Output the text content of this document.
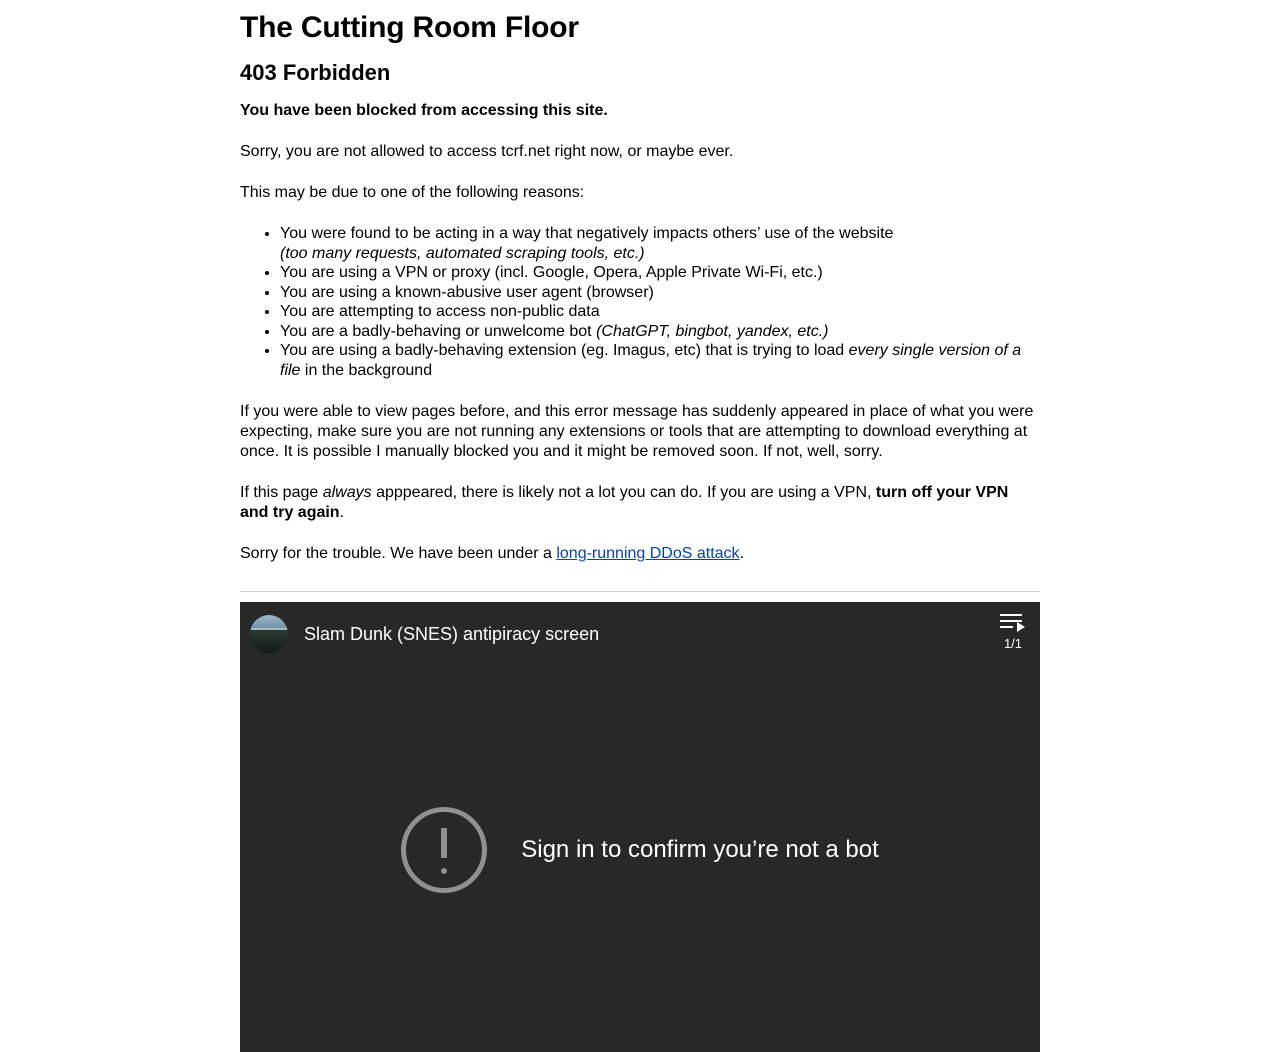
The Cutting Room Floor
403 Forbidden

You have been blocked from accessing this site.

Sorry, you are not allowed to access tcrf.net right now, or maybe ever.

This may be due to one of the following reasons:

• You were found to be acting in a way that negatively impacts others’ use of the website
(too many requests, automated scraping tools, etc.)
• You are using a VPN or proxy (incl. Google, Opera, Apple Private Wi-Fi, etc.)
• You are using a known-abusive user agent (browser)
• You are attempting to access non-public data
• You are a badly-behaving or unwelcome bot (ChatGPT, bingbot, yandex, etc.)
• You are using a badly-behaving extension (eg. Imagus, etc) that is trying to load every single version of a file in the background

If you were able to view pages before, and this error message has suddenly appeared in place of what you were expecting, make sure you are not running any extensions or tools that are attempting to download everything at once. It is possible I manually blocked you and it might be removed soon. If not, well, sorry.

If this page always apppeared, there is likely not a lot you can do. If you are using a VPN, turn off your VPN and try again.

Sorry for the trouble. We have been under a long-running DDoS attack.

Slam Dunk (SNES) antipiracy screen	1/1
Sign in to confirm you’re not a bot
